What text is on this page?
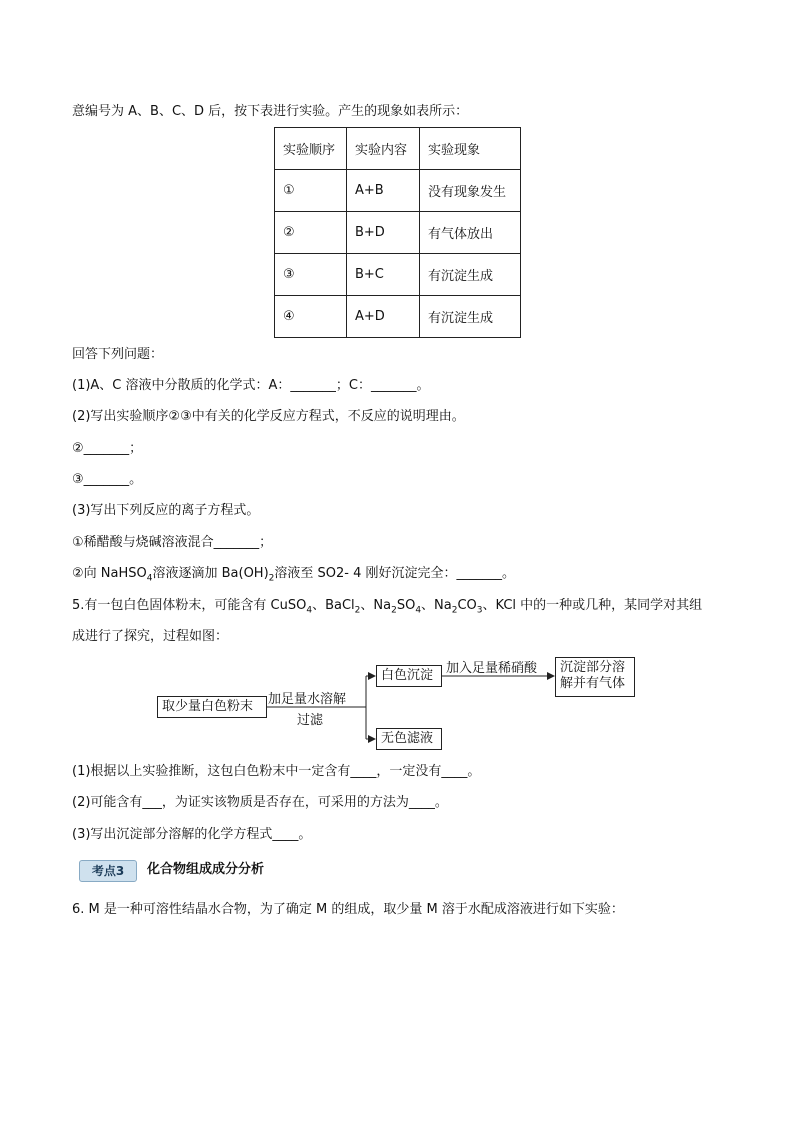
意编号为 A、B、C、D 后，按下表进行实验。产生的现象如表所示：
实验顺序	实验内容	实验现象
①	A+B	没有现象发生
②	B+D	有气体放出
③	B+C	有沉淀生成
④	A+D	有沉淀生成
回答下列问题：
(1)A、C 溶液中分散质的化学式：A：_______；C：_______。
(2)写出实验顺序②③中有关的化学反应方程式，不反应的说明理由。
②_______；
③_______。
(3)写出下列反应的离子方程式。
①稀醋酸与烧碱溶液混合_______；
②向 NaHSO$_4$溶液逐滴加 $Ba(OH)_2$溶液至 SO2- 4 刚好沉淀完全：_______。
5.有一包白色固体粉末，可能含有 CuSO$_4$、BaCl$_2$、$Na_2SO_4$、$Na_2CO_3$、KCl 中的一种或几种，某同学对其组
成进行了探究，过程如图：
取少量白色粉末	加足量水溶解
过滤
白色沉淀
无色滤液
加入足量稀硝酸	沉淀部分溶解并有气体
(1)根据以上实验推断，这包白色粉末中一定含有____，一定没有____。
(2)可能含有___，为证实该物质是否存在，可采用的方法为____。
(3)写出沉淀部分溶解的化学方程式____。
考点3	化合物组成成分分析
6. M 是一种可溶性结晶水合物，为了确定 M 的组成，取少量 M 溶于水配成溶液进行如下实验：
